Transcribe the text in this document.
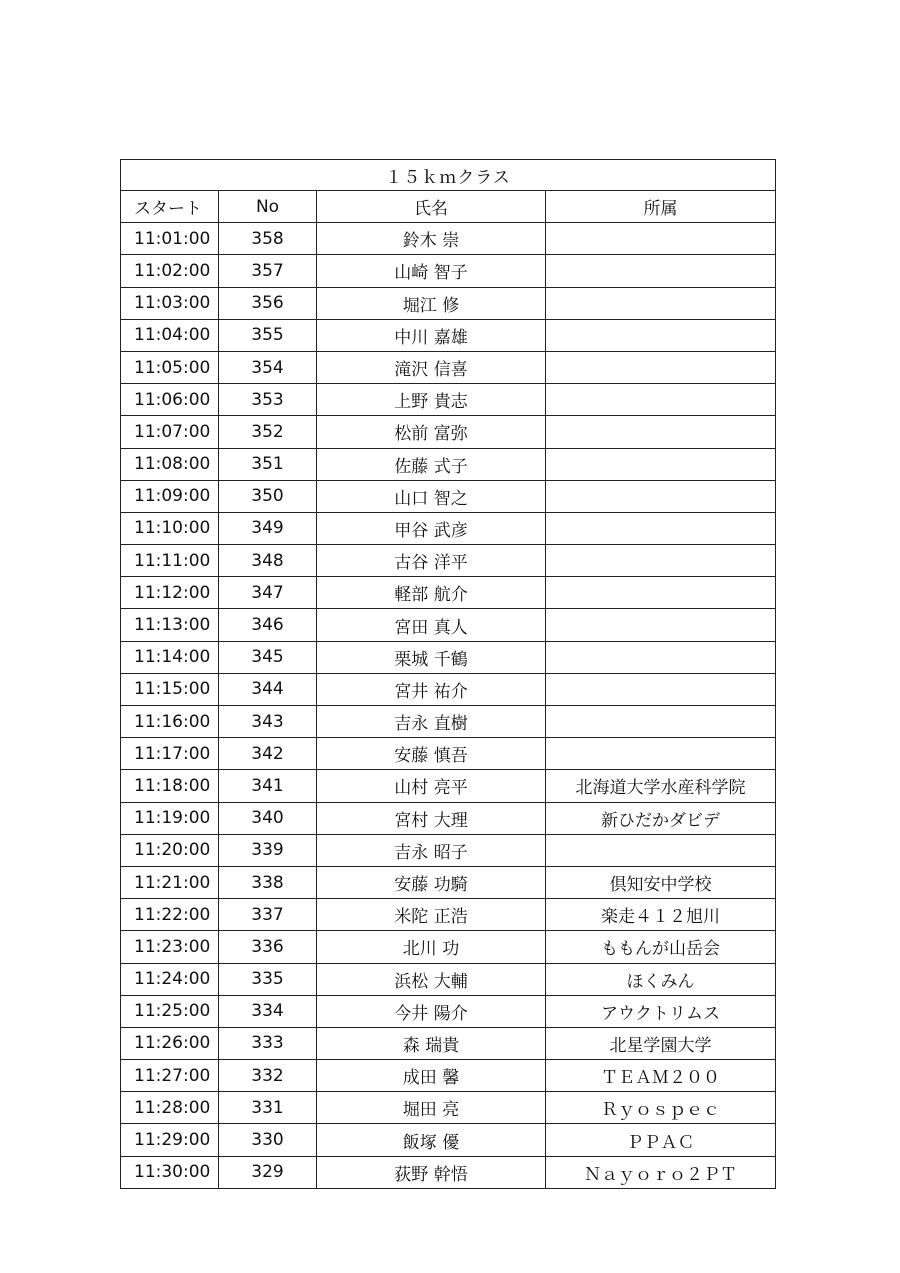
１５ｋｍクラス			
スタート	No	氏名	所属
11:01:00	358	鈴木 崇	
11:02:00	357	山崎 智子	
11:03:00	356	堀江 修	
11:04:00	355	中川 嘉雄	
11:05:00	354	滝沢 信喜	
11:06:00	353	上野 貴志	
11:07:00	352	松前 富弥	
11:08:00	351	佐藤 式子	
11:09:00	350	山口 智之	
11:10:00	349	甲谷 武彦	
11:11:00	348	古谷 洋平	
11:12:00	347	軽部 航介	
11:13:00	346	宮田 真人	
11:14:00	345	栗城 千鶴	
11:15:00	344	宮井 祐介	
11:16:00	343	吉永 直樹	
11:17:00	342	安藤 慎吾	
11:18:00	341	山村 亮平	北海道大学水産科学院
11:19:00	340	宮村 大理	新ひだかダビデ
11:20:00	339	吉永 昭子	
11:21:00	338	安藤 功騎	倶知安中学校
11:22:00	337	米陀 正浩	楽走４１２旭川
11:23:00	336	北川 功	ももんが山岳会
11:24:00	335	浜松 大輔	ほくみん
11:25:00	334	今井 陽介	アウクトリムス
11:26:00	333	森 瑞貴	北星学園大学
11:27:00	332	成田 馨	ＴＥＡＭ２００
11:28:00	331	堀田 亮	Ｒｙｏｓｐｅｃ
11:29:00	330	飯塚 優	ＰＰＡＣ
11:30:00	329	荻野 幹悟	Ｎａｙｏｒｏ２ＰＴ
